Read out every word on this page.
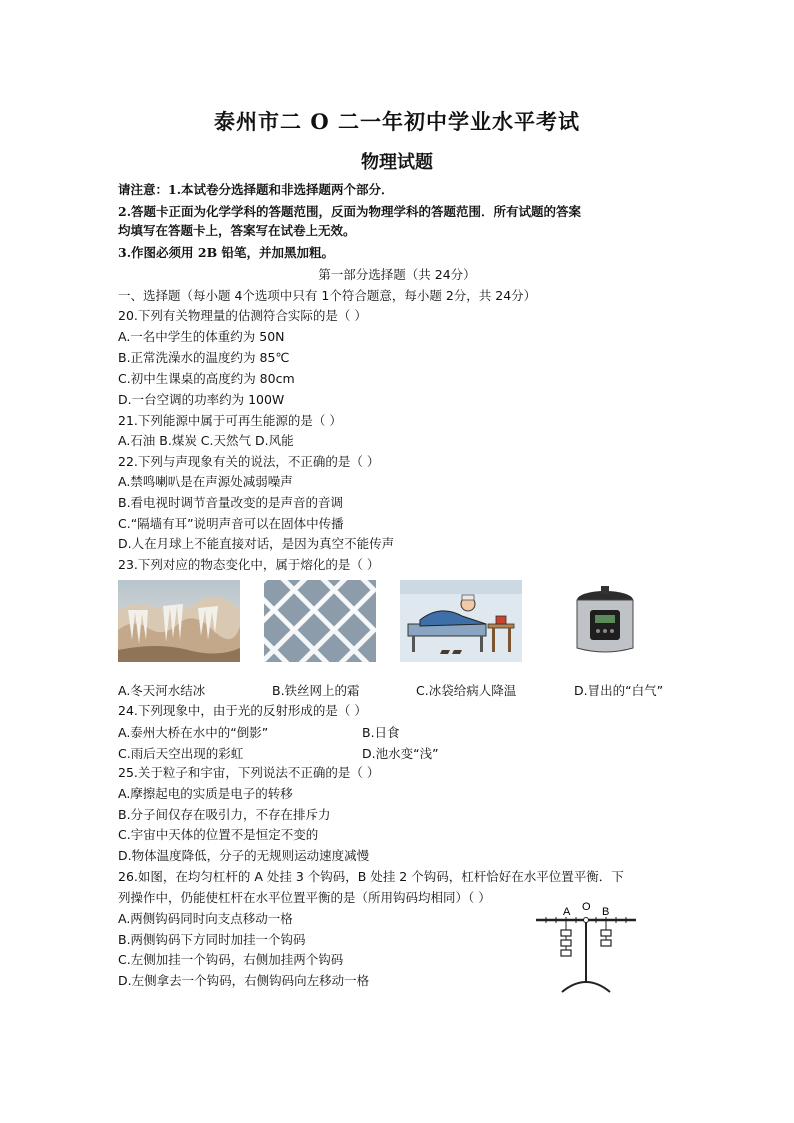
泰州市二 O 二一年初中学业水平考试
物理试题
请注意：1.本试卷分选择题和非选择题两个部分．
2.答题卡正面为化学学科的答题范围，反面为物理学科的答题范围．所有试题的答案
均填写在答题卡上，答案写在试卷上无效。
3.作图必须用 2B 铅笔，并加黑加粗。
第一部分选择题（共 24分）
一、选择题（每小题 4个选项中只有 1个符合题意，每小题 2分，共 24分）
20.下列有关物理量的估测符合实际的是（ ）
A.一名中学生的体重约为 50N
B.正常洗澡水的温度约为 85℃
C.初中生课桌的高度约为 80cm
D.一台空调的功率约为 100W
21.下列能源中属于可再生能源的是（ ）
A.石油 B.煤炭 C.天然气 D.风能
22.下列与声现象有关的说法，不正确的是（ ）
A.禁鸣喇叭是在声源处减弱噪声
B.看电视时调节音量改变的是声音的音调
C.“隔墙有耳”说明声音可以在固体中传播
D.人在月球上不能直接对话，是因为真空不能传声
23.下列对应的物态变化中，属于熔化的是（ ）
A.冬天河水结冰	B.铁丝网上的霜	C.冰袋给病人降温	D.冒出的“白气”
24.下列现象中，由于光的反射形成的是（ ）
A.泰州大桥在水中的“倒影”	B.日食
C.雨后天空出现的彩虹	D.池水变“浅”
25.关于粒子和宇宙，下列说法不正确的是（ ）
A.摩擦起电的实质是电子的转移
B.分子间仅存在吸引力，不存在排斥力
C.宇宙中天体的位置不是恒定不变的
D.物体温度降低，分子的无规则运动速度减慢
26.如图，在均匀杠杆的 A 处挂 3 个钩码，B 处挂 2 个钩码，杠杆恰好在水平位置平衡．下
列操作中，仍能使杠杆在水平位置平衡的是（所用钩码均相同）（ ）
A.两侧钩码同时向支点移动一格
B.两侧钩码下方同时加挂一个钩码
C.左侧加挂一个钩码，右侧加挂两个钩码
D.左侧拿去一个钩码，右侧钩码向左移动一格
A O B
